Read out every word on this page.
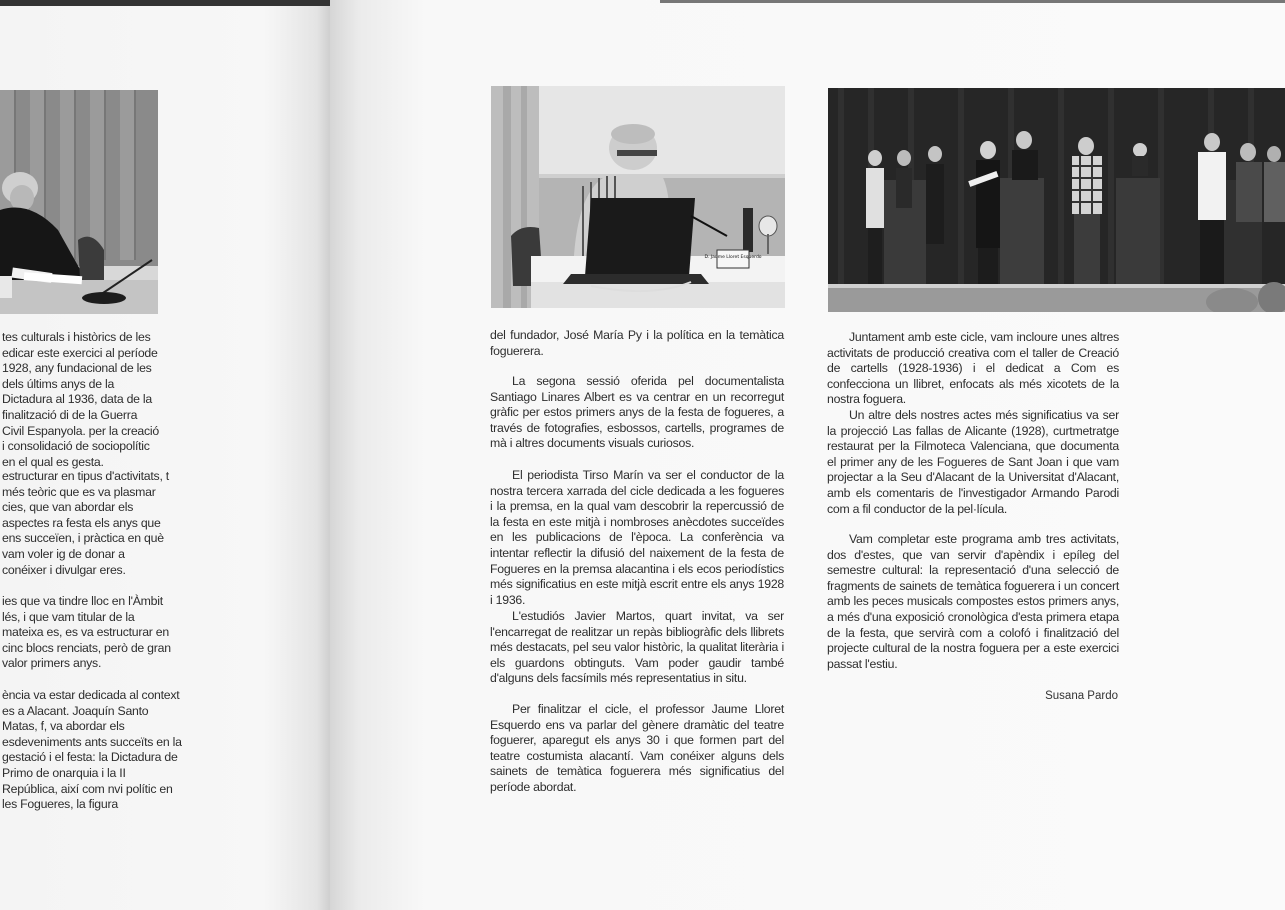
tes culturals i històrics de les edicar este exercici al període 1928, any fundacional de les dels últims anys de la Dictadura al 1936, data de la finalització di de la Guerra Civil Espanyola. per la creació i consolidació de sociopolític en el qual es gesta.

estructurar en tipus d'activitats, t més teòric que es va plasmar cies, que van abordar els aspectes ra festa els anys que ens succeïen, i pràctica en què vam voler ig de donar a conéixer i divulgar eres.

ies que va tindre lloc en l'Àmbit lés, i que vam titular de la mateixa es, es va estructurar en cinc blocs renciats, però de gran valor primers anys.

ència va estar dedicada al context es a Alacant. Joaquín Santo Matas, f, va abordar els esdeveniments ants succeïts en la gestació i el festa: la Dictadura de Primo de onarquia i la II República, així com nvi polític en les Fogueres, la figura

D. Jaume Lloret Esquerdo

del fundador, José María Py i la política en la temàtica foguerera.

La segona sessió oferida pel documentalista Santiago Linares Albert es va centrar en un recorregut gràfic per estos primers anys de la festa de fogueres, a través de fotografies, esbossos, cartells, programes de mà i altres documents visuals curiosos.

El periodista Tirso Marín va ser el conductor de la nostra tercera xarrada del cicle dedicada a les fogueres i la premsa, en la qual vam descobrir la repercussió de la festa en este mitjà i nombroses anècdotes succeïdes en les publicacions de l'època. La conferència va intentar reflectir la difusió del naixement de la festa de Fogueres en la premsa alacantina i els ecos periodístics més significatius en este mitjà escrit entre els anys 1928 i 1936.

L'estudiós Javier Martos, quart invitat, va ser l'encarregat de realitzar un repàs bibliogràfic dels llibrets més destacats, pel seu valor històric, la qualitat literària i els guardons obtinguts. Vam poder gaudir també d'alguns dels facsímils més representatius in situ.

Per finalitzar el cicle, el professor Jaume Lloret Esquerdo ens va parlar del gènere dramàtic del teatre foguerer, aparegut els anys 30 i que formen part del teatre costumista alacantí. Vam conéixer alguns dels sainets de temàtica foguerera més significatius del període abordat.

Juntament amb este cicle, vam incloure unes altres activitats de producció creativa com el taller de Creació de cartells (1928-1936) i el dedicat a Com es confecciona un llibret, enfocats als més xicotets de la nostra foguera.

Un altre dels nostres actes més significatius va ser la projecció Las fallas de Alicante (1928), curtmetratge restaurat per la Filmoteca Valenciana, que documenta el primer any de les Fogueres de Sant Joan i que vam projectar a la Seu d'Alacant de la Universitat d'Alacant, amb els comentaris de l'investigador Armando Parodi com a fil conductor de la pel·lícula.

Vam completar este programa amb tres activitats, dos d'estes, que van servir d'apèndix i epíleg del semestre cultural: la representació d'una selecció de fragments de sainets de temàtica foguerera i un concert amb les peces musicals compostes estos primers anys, a més d'una exposició cronològica d'esta primera etapa de la festa, que servirà com a colofó i finalització del projecte cultural de la nostra foguera per a este exercici passat l'estiu.

Susana Pardo
